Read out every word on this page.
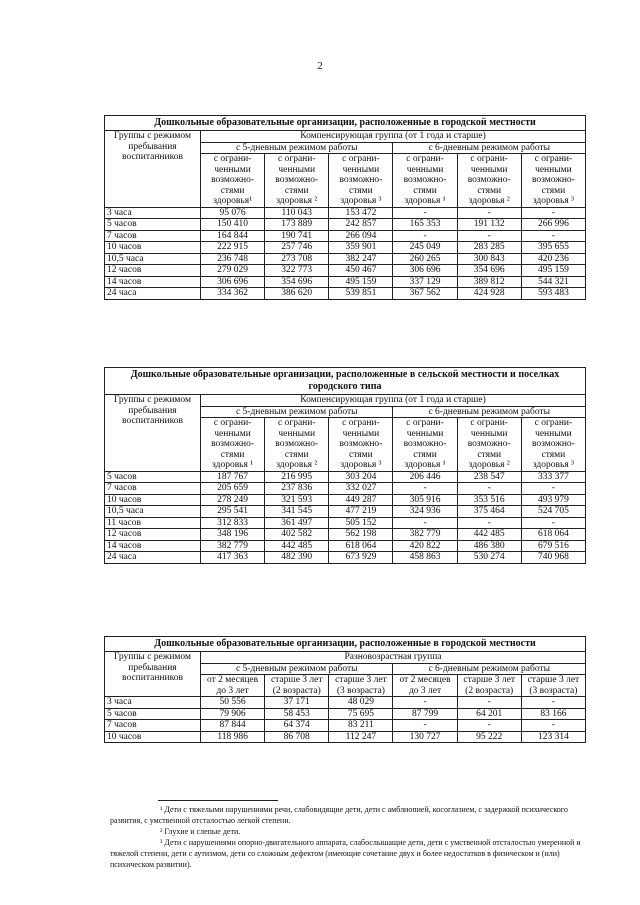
2
Дошкольные образовательные организации, расположенные в городской местности						
Группы с режимом пребывания воспитанников	Компенсирующая группа (от 1 года и старше)					
	с 5-дневным режимом работы			с 6-дневным режимом работы		
	с ограни-ченными возможно-стями здоровья¹	с ограни-ченными возможно-стями здоровья ²	с ограни-ченными возможно-стями здоровья ³	с ограни-ченными возможно-стями здоровья ¹	с ограни-ченными возможно-стями здоровья ²	с ограни-ченными возможно-стями здоровья ³
3 часа	95 076	110 043	153 472	-	-	-
5 часов	150 410	173 889	242 857	165 353	191 132	266 996
7 часов	164 844	190 741	266 094	-	-	-
10 часов	222 915	257 746	359 901	245 049	283 285	395 655
10,5 часа	236 748	273 708	382 247	260 265	300 843	420 236
12 часов	279 029	322 773	450 467	306 696	354 696	495 159
14 часов	306 696	354 696	495 159	337 129	389 812	544 321
24 часа	334 362	386 620	539 851	367 562	424 928	593 483
Дошкольные образовательные организации, расположенные в сельской местности и поселках городского типа						
Группы с режимом пребывания воспитанников	Компенсирующая группа (от 1 года и старше)					
	с 5-дневным режимом работы			с 6-дневным режимом работы		
	с ограни-ченными возможно-стями здоровья ¹	с ограни-ченными возможно-стями здоровья ²	с ограни-ченными возможно-стями здоровья ³	с ограни-ченными возможно-стями здоровья ¹	с ограни-ченными возможно-стями здоровья ²	с ограни-ченными возможно-стями здоровья ³
5 часов	187 767	216 995	303 204	206 446	238 547	333 377
7 часов	205 659	237 836	332 027	-	-	-
10 часов	278 249	321 593	449 287	305 916	353 516	493 979
10,5 часа	295 541	341 545	477 219	324 936	375 464	524 705
11 часов	312 833	361 497	505 152	-	-	-
12 часов	348 196	402 582	562 198	382 779	442 485	618 064
14 часов	382 779	442 485	618 064	420 822	486 380	679 516
24 часа	417 363	482 390	673 929	458 863	530 274	740 968
Дошкольные образовательные организации, расположенные в городской местности						
Группы с режимом пребывания воспитанников	Разновозрастная группа					
	с 5-дневным режимом работы			с 6-дневным режимом работы		
	от 2 месяцев до 3 лет	старше 3 лет (2 возраста)	старше 3 лет (3 возраста)	от 2 месяцев до 3 лет	старше 3 лет (2 возраста)	старше 3 лет (3 возраста)
3 часа	50 556	37 171	48 029	-	-	-
5 часов	79 906	58 453	75 695	87 799	64 201	83 166
7 часов	87 844	64 374	83 211	-	-	-
10 часов	118 986	86 708	112 247	130 727	95 222	123 314

¹ Дети с тяжелыми нарушениями речи, слабовидящие дети, дети с амблиопией, косоглазием, с задержкой психического развития, с умственной отсталостью легкой степени.

² Глухие и слепые дети.

³ Дети с нарушениями опорно-двигательного аппарата, слабослышащие дети, дети с умственной отсталостью умеренной и тяжелой степени, дети с аутизмом, дети со сложным дефектом (имеющие сочетание двух и более недостатков в физическом и (или) психическом развитии).
